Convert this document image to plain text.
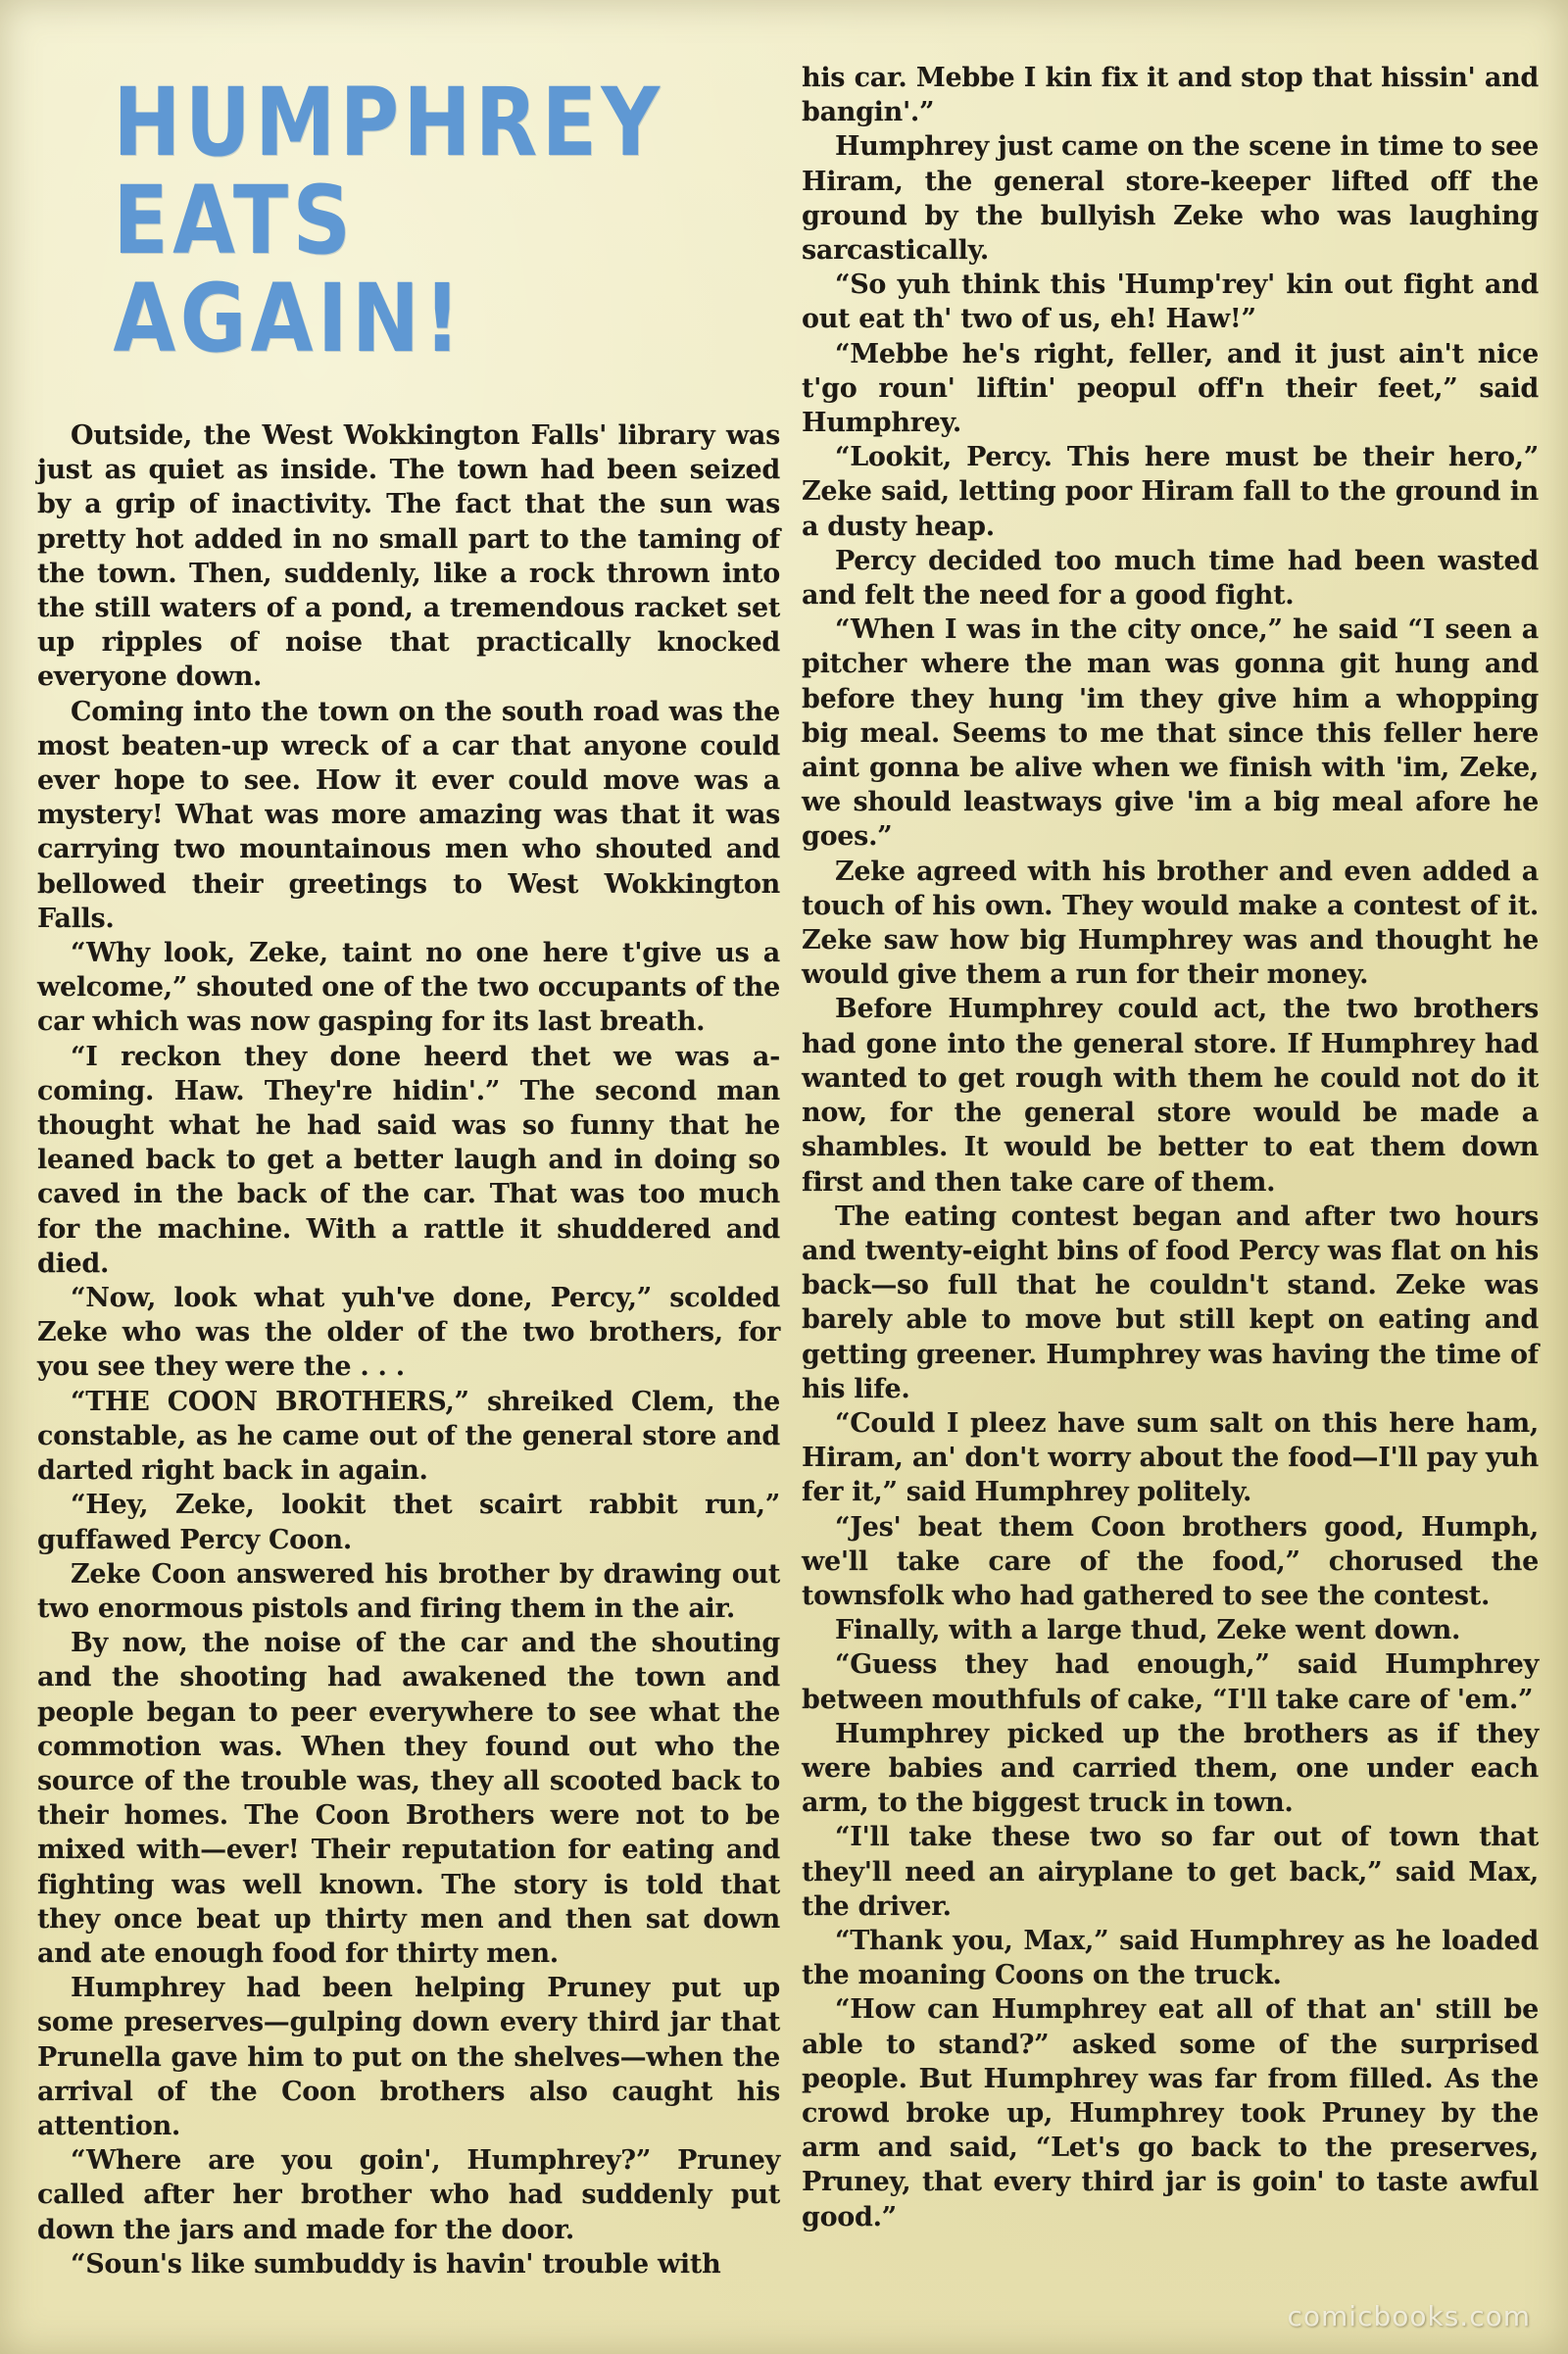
HUMPHREY
EATS AGAIN!

Outside, the West Wokkington Falls' library was just as quiet as inside. The town had been seized by a grip of inactivity. The fact that the sun was pretty hot added in no small part to the taming of the town. Then, suddenly, like a rock thrown into the still waters of a pond, a tremendous racket set up ripples of noise that practically knocked everyone down.

Coming into the town on the south road was the most beaten-up wreck of a car that anyone could ever hope to see. How it ever could move was a mystery! What was more amazing was that it was carrying two mountainous men who shouted and bellowed their greetings to West Wokkington Falls.

“Why look, Zeke, taint no one here t'give us a welcome,” shouted one of the two occupants of the car which was now gasping for its last breath.

“I reckon they done heerd thet we was a-coming. Haw. They're hidin'.” The second man thought what he had said was so funny that he leaned back to get a better laugh and in doing so caved in the back of the car. That was too much for the machine. With a rattle it shuddered and died.

“Now, look what yuh've done, Percy,” scolded Zeke who was the older of the two brothers, for you see they were the . . .

“THE COON BROTHERS,” shreiked Clem, the constable, as he came out of the general store and darted right back in again.

“Hey, Zeke, lookit thet scairt rabbit run,” guffawed Percy Coon.

Zeke Coon answered his brother by drawing out two enormous pistols and firing them in the air.

By now, the noise of the car and the shouting and the shooting had awakened the town and people began to peer everywhere to see what the commotion was. When they found out who the source of the trouble was, they all scooted back to their homes. The Coon Brothers were not to be mixed with—ever! Their reputation for eating and fighting was well known. The story is told that they once beat up thirty men and then sat down and ate enough food for thirty men.

Humphrey had been helping Pruney put up some preserves—gulping down every third jar that Prunella gave him to put on the shelves—when the arrival of the Coon brothers also caught his attention.

“Where are you goin', Humphrey?” Pruney called after her brother who had suddenly put down the jars and made for the door.

“Soun's like sumbuddy is havin' trouble with

his car. Mebbe I kin fix it and stop that hissin' and bangin'.”

Humphrey just came on the scene in time to see Hiram, the general store-keeper lifted off the ground by the bullyish Zeke who was laughing sarcastically.

“So yuh think this 'Hump'rey' kin out fight and out eat th' two of us, eh! Haw!”

“Mebbe he's right, feller, and it just ain't nice t'go roun' liftin' peopul off'n their feet,” said Humphrey.

“Lookit, Percy. This here must be their hero,” Zeke said, letting poor Hiram fall to the ground in a dusty heap.

Percy decided too much time had been wasted and felt the need for a good fight.

“When I was in the city once,” he said “I seen a pitcher where the man was gonna git hung and before they hung 'im they give him a whopping big meal. Seems to me that since this feller here aint gonna be alive when we finish with 'im, Zeke, we should leastways give 'im a big meal afore he goes.”

Zeke agreed with his brother and even added a touch of his own. They would make a contest of it. Zeke saw how big Humphrey was and thought he would give them a run for their money.

Before Humphrey could act, the two brothers had gone into the general store. If Humphrey had wanted to get rough with them he could not do it now, for the general store would be made a shambles. It would be better to eat them down first and then take care of them.

The eating contest began and after two hours and twenty-eight bins of food Percy was flat on his back—so full that he couldn't stand. Zeke was barely able to move but still kept on eating and getting greener. Humphrey was having the time of his life.

“Could I pleez have sum salt on this here ham, Hiram, an' don't worry about the food—I'll pay yuh fer it,” said Humphrey politely.

“Jes' beat them Coon brothers good, Humph, we'll take care of the food,” chorused the townsfolk who had gathered to see the contest.

Finally, with a large thud, Zeke went down.

“Guess they had enough,” said Humphrey between mouthfuls of cake, “I'll take care of 'em.”

Humphrey picked up the brothers as if they were babies and carried them, one under each arm, to the biggest truck in town.

“I'll take these two so far out of town that they'll need an airyplane to get back,” said Max, the driver.

“Thank you, Max,” said Humphrey as he loaded the moaning Coons on the truck.

“How can Humphrey eat all of that an' still be able to stand?” asked some of the surprised people. But Humphrey was far from filled. As the crowd broke up, Humphrey took Pruney by the arm and said, “Let's go back to the preserves, Pruney, that every third jar is goin' to taste awful good.”

comicbooks.com
